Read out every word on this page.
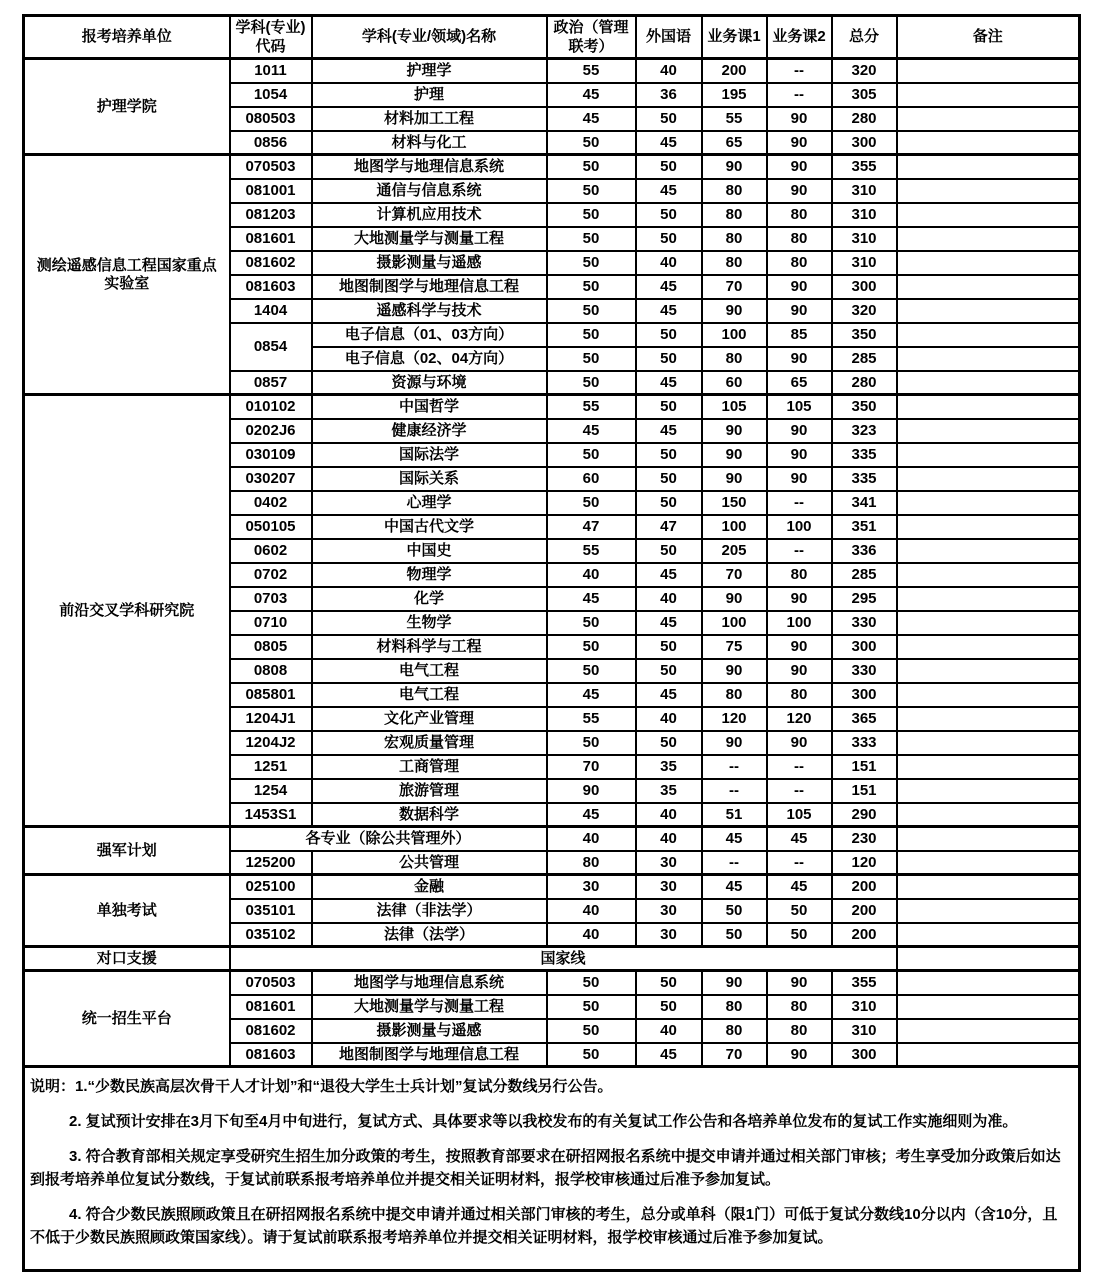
报考培养单位	学科(专业)代码	学科(专业/领域)名称	政治（管理联考）	外国语	业务课1	业务课2	总分	备注
护理学院	1011	护理学	55	40	200	--	320	
	1054	护理	45	36	195	--	305	
	080503	材料加工工程	45	50	55	90	280	
	0856	材料与化工	50	45	65	90	300	
测绘遥感信息工程国家重点实验室	070503	地图学与地理信息系统	50	50	90	90	355	
	081001	通信与信息系统	50	45	80	90	310	
	081203	计算机应用技术	50	50	80	80	310	
	081601	大地测量学与测量工程	50	50	80	80	310	
	081602	摄影测量与遥感	50	40	80	80	310	
	081603	地图制图学与地理信息工程	50	45	70	90	300	
	1404	遥感科学与技术	50	45	90	90	320	
	0854	电子信息（01、03方向）	50	50	100	85	350	
		电子信息（02、04方向）	50	50	80	90	285	
	0857	资源与环境	50	45	60	65	280	
前沿交叉学科研究院	010102	中国哲学	55	50	105	105	350	
	0202J6	健康经济学	45	45	90	90	323	
	030109	国际法学	50	50	90	90	335	
	030207	国际关系	60	50	90	90	335	
	0402	心理学	50	50	150	--	341	
	050105	中国古代文学	47	47	100	100	351	
	0602	中国史	55	50	205	--	336	
	0702	物理学	40	45	70	80	285	
	0703	化学	45	40	90	90	295	
	0710	生物学	50	45	100	100	330	
	0805	材料科学与工程	50	50	75	90	300	
	0808	电气工程	50	50	90	90	330	
	085801	电气工程	45	45	80	80	300	
	1204J1	文化产业管理	55	40	120	120	365	
	1204J2	宏观质量管理	50	50	90	90	333	
	1251	工商管理	70	35	--	--	151	
	1254	旅游管理	90	35	--	--	151	
	1453S1	数据科学	45	40	51	105	290	
强军计划	各专业（除公共管理外）		40	40	45	45	230	
	125200	公共管理	80	30	--	--	120	
单独考试	025100	金融	30	30	45	45	200	
	035101	法律（非法学）	40	30	50	50	200	
	035102	法律（法学）	40	30	50	50	200	
对口支援	国家线							
统一招生平台	070503	地图学与地理信息系统	50	50	90	90	355	
	081601	大地测量学与测量工程	50	50	80	80	310	
	081602	摄影测量与遥感	50	40	80	80	310	
	081603	地图制图学与地理信息工程	50	45	70	90	300	

说明：1.“少数民族高层次骨干人才计划”和“退役大学生士兵计划”复试分数线另行公告。

2. 复试预计安排在3月下旬至4月中旬进行，复试方式、具体要求等以我校发布的有关复试工作公告和各培养单位发布的复试工作实施细则为准。

3. 符合教育部相关规定享受研究生招生加分政策的考生，按照教育部要求在研招网报名系统中提交申请并通过相关部门审核；考生享受加分政策后如达到报考培养单位复试分数线，于复试前联系报考培养单位并提交相关证明材料，报学校审核通过后准予参加复试。

4. 符合少数民族照顾政策且在研招网报名系统中提交申请并通过相关部门审核的考生，总分或单科（限1门）可低于复试分数线10分以内（含10分，且不低于少数民族照顾政策国家线）。请于复试前联系报考培养单位并提交相关证明材料，报学校审核通过后准予参加复试。								
